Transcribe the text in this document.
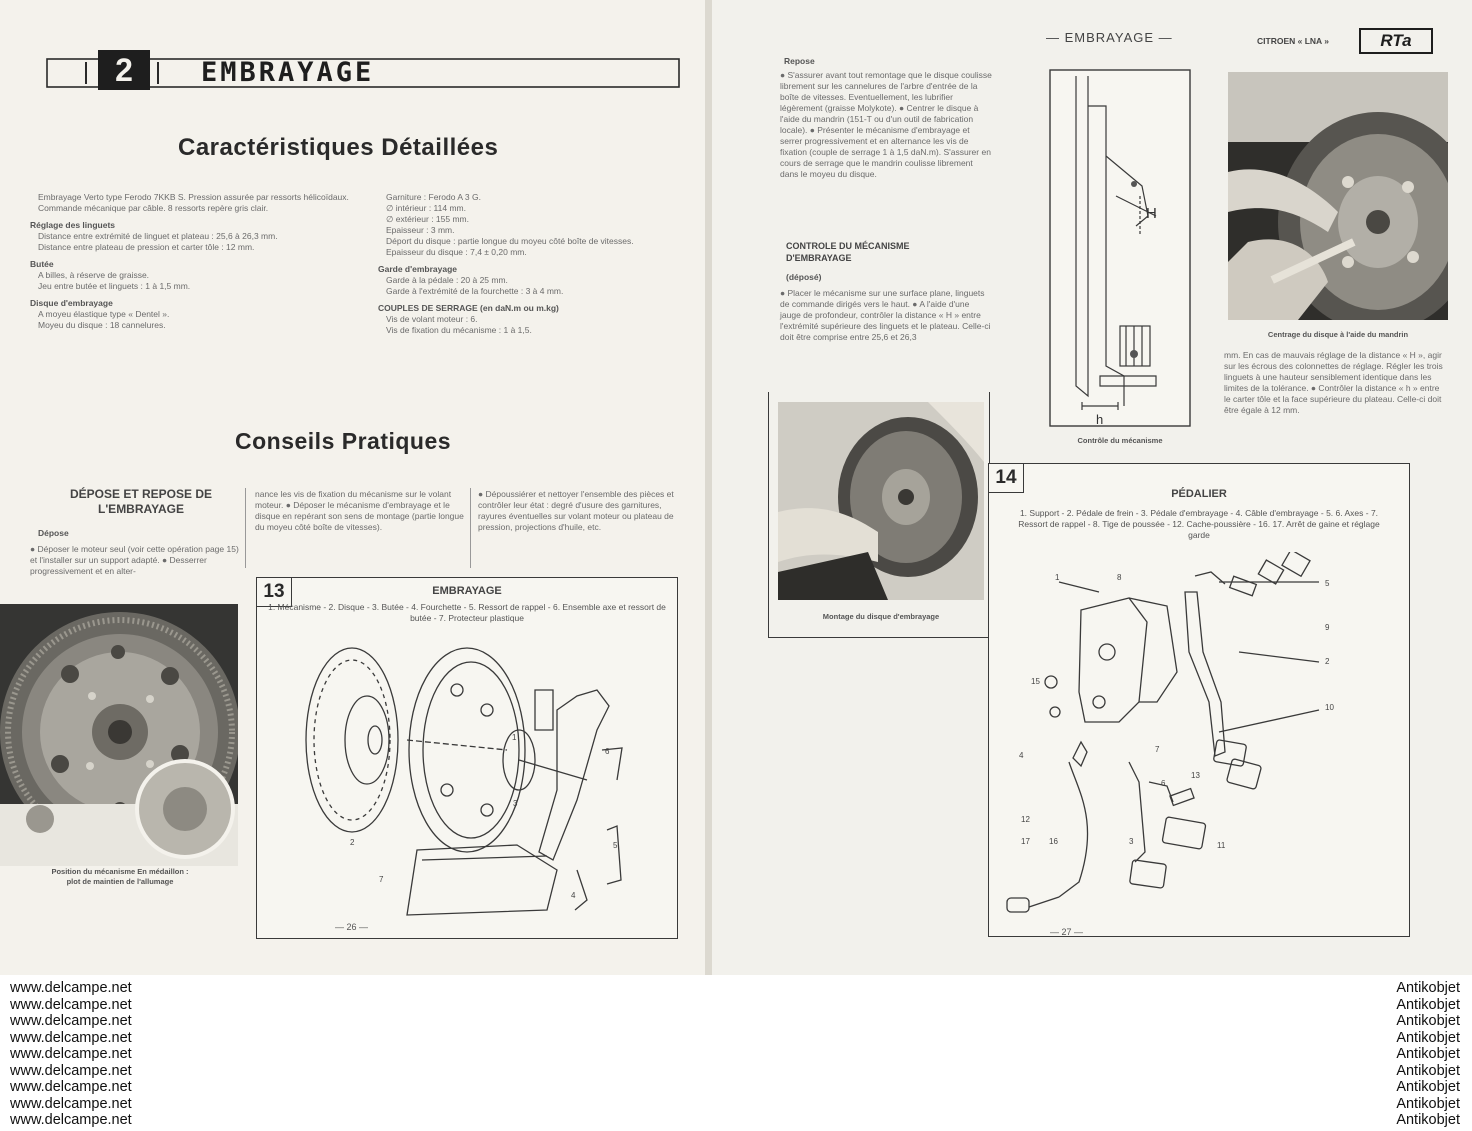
2	EMBRAYAGE
Caractéristiques Détaillées
Embrayage Verto type Ferodo 7KKB S. Pression assurée par ressorts hélicoïdaux. Commande mécanique par câble. 8 ressorts repère gris clair.
Réglage des linguets
Distance entre extrémité de linguet et plateau : 25,6 à 26,3 mm.
Distance entre plateau de pression et carter tôle : 12 mm.
Butée
A billes, à réserve de graisse.
Jeu entre butée et linguets : 1 à 1,5 mm.
Disque d'embrayage
A moyeu élastique type « Dentel ».
Moyeu du disque : 18 cannelures.
Garniture : Ferodo A 3 G.
∅ intérieur : 114 mm.
∅ extérieur : 155 mm.
Epaisseur : 3 mm.
Déport du disque : partie longue du moyeu côté boîte de vitesses.
Epaisseur du disque : 7,4 ± 0,20 mm.
Garde d'embrayage
Garde à la pédale : 20 à 25 mm.
Garde à l'extrémité de la fourchette : 3 à 4 mm.
COUPLES DE SERRAGE (en daN.m ou m.kg)
Vis de volant moteur : 6.
Vis de fixation du mécanisme : 1 à 1,5.
Conseils Pratiques
DÉPOSE ET REPOSE DE L'EMBRAYAGE
Dépose
● Déposer le moteur seul (voir cette opération page 15) et l'installer sur un support adapté. ● Desserrer progressivement et en alter-
nance les vis de fixation du mécanisme sur le volant moteur. ● Déposer le mécanisme d'embrayage et le disque en repérant son sens de montage (partie longue du moyeu côté boîte de vitesses).
● Dépoussiérer et nettoyer l'ensemble des pièces et contrôler leur état : degré d'usure des garnitures, rayures éventuelles sur volant moteur ou plateau de pression, projections d'huile, etc.
Position du mécanisme En médaillon : plot de maintien de l'allumage
13	EMBRAYAGE
1. Mécanisme - 2. Disque - 3. Butée - 4. Fourchette - 5. Ressort de rappel - 6. Ensemble axe et ressort de butée - 7. Protecteur plastique
2
1
3
6
5
4
7
— 26 —
— EMBRAYAGE —	CITROEN « LNA »	RTa
Repose
● S'assurer avant tout remontage que le disque coulisse librement sur les cannelures de l'arbre d'entrée de la boîte de vitesses. Eventuellement, les lubrifier légèrement (graisse Molykote). ● Centrer le disque à l'aide du mandrin (151-T ou d'un outil de fabrication locale). ● Présenter le mécanisme d'embrayage et serrer progressivement et en alternance les vis de fixation (couple de serrage 1 à 1,5 daN.m). S'assurer en cours de serrage que le mandrin coulisse librement dans le moyeu du disque.
CONTROLE DU MÉCANISME D'EMBRAYAGE
(déposé)
● Placer le mécanisme sur une surface plane, linguets de commande dirigés vers le haut. ● A l'aide d'une jauge de profondeur, contrôler la distance « H » entre l'extrémité supérieure des linguets et le plateau. Celle-ci doit être comprise entre 25,6 et 26,3
H
h
Contrôle du mécanisme
Centrage du disque à l'aide du mandrin
mm. En cas de mauvais réglage de la distance « H », agir sur les écrous des colonnettes de réglage. Régler les trois linguets à une hauteur sensiblement identique dans les limites de la tolérance. ● Contrôler la distance « h » entre le carter tôle et la face supérieure du plateau. Celle-ci doit être égale à 12 mm.
Montage du disque d'embrayage
14
PÉDALIER
1. Support - 2. Pédale de frein - 3. Pédale d'embrayage - 4. Câble d'embrayage - 5. 6. Axes - 7. Ressort de rappel - 8. Tige de poussée - 12. Cache-poussière - 16. 17. Arrêt de gaine et réglage garde
1	8
5
9
2
10
15
7
4
12
17 16	3	11
13
6
— 27 —
www.delcampe.net
www.delcampe.net
www.delcampe.net
www.delcampe.net
www.delcampe.net
www.delcampe.net
www.delcampe.net
www.delcampe.net
www.delcampe.net
Antikobjet
Antikobjet
Antikobjet
Antikobjet
Antikobjet
Antikobjet
Antikobjet
Antikobjet
Antikobjet
